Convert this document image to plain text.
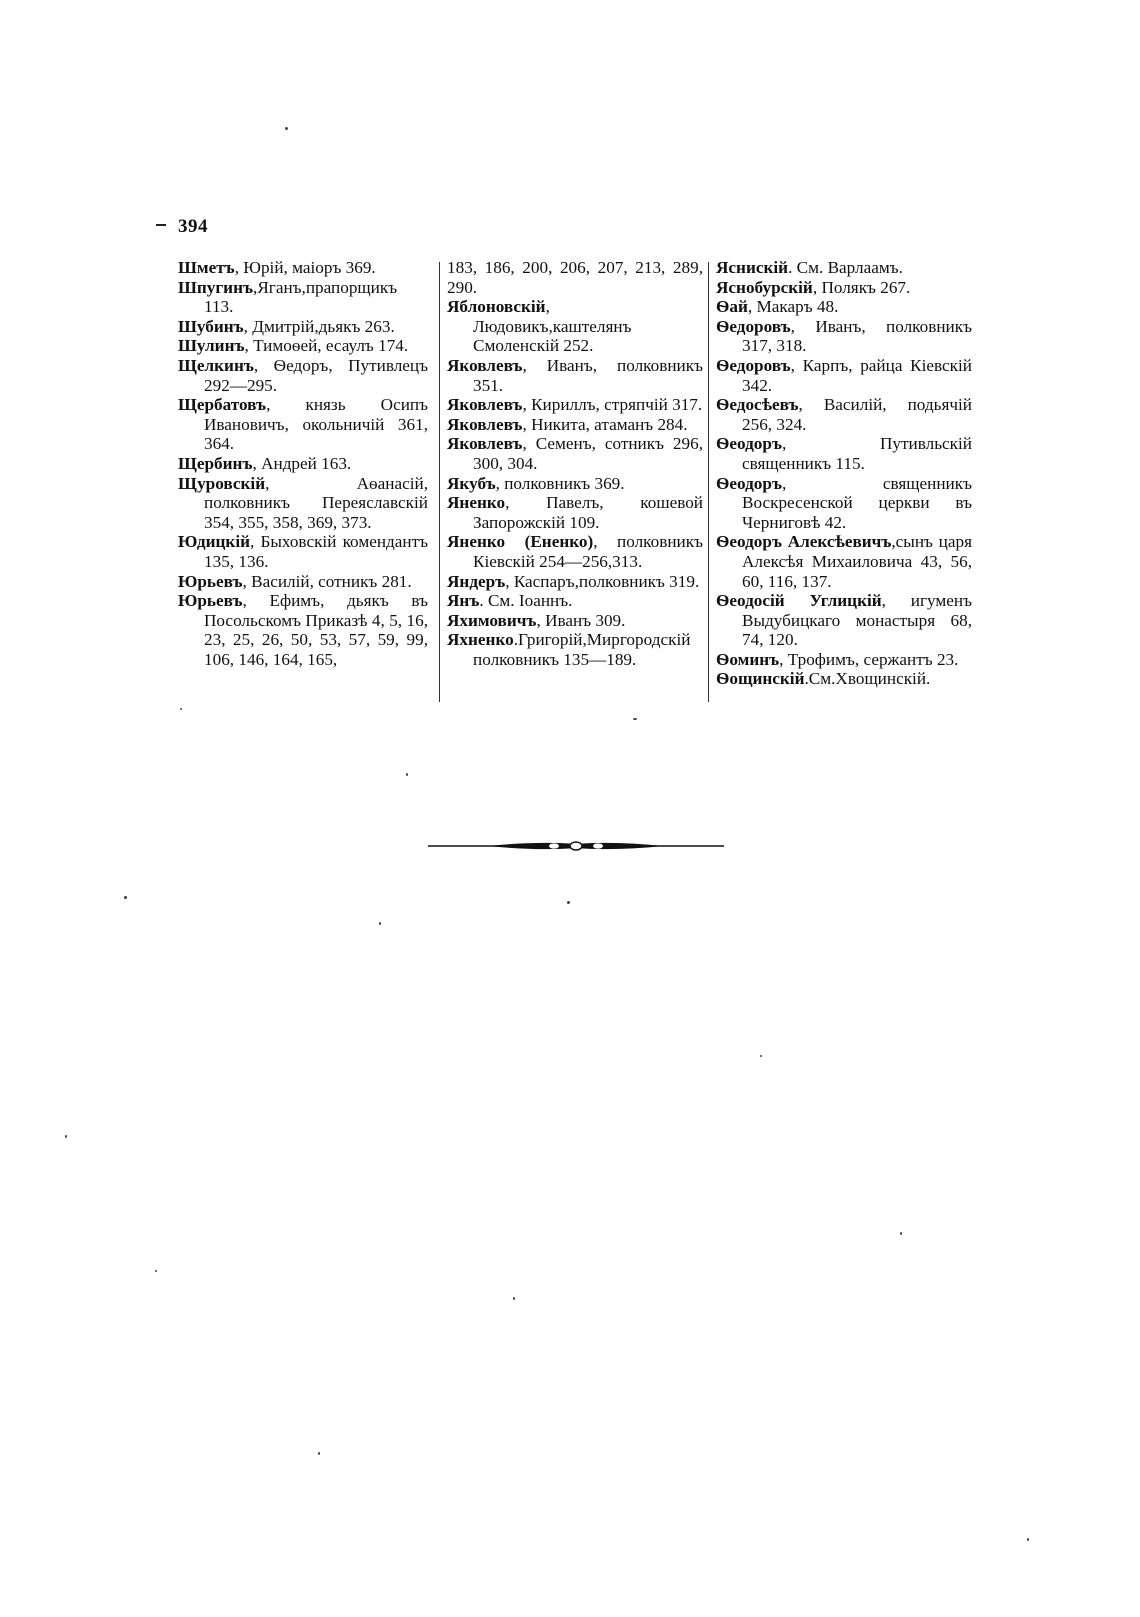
394

Шметъ, Юрій, маіоръ 369.

Шпугинъ,Яганъ,прапорщикъ 113.

Шубинъ, Дмитрій,дьякъ 263.

Шулинъ, Тимоѳей, есаулъ 174.

Щелкинъ, Ѳедоръ, Путивлецъ 292—295.

Щербатовъ, князь Осипъ Ивановичъ, окольничій 361, 364.

Щербинъ, Андрей 163.

Щуровскій, Аѳанасій, полковникъ Переяславскій 354, 355, 358, 369, 373.

Юдицкій, Быховскій комендантъ 135, 136.

Юрьевъ, Василій, сотникъ 281.

Юрьевъ, Ефимъ, дьякъ въ Посольскомъ Приказѣ 4, 5, 16, 23, 25, 26, 50, 53, 57, 59, 99, 106, 146, 164, 165,

183, 186, 200, 206, 207, 213, 289, 290.

Яблоновскій, Людовикъ,каштелянъ Смоленскій 252.

Яковлевъ, Иванъ, полковникъ 351.

Яковлевъ, Кириллъ, стряпчій 317.

Яковлевъ, Никита, атаманъ 284.

Яковлевъ, Семенъ, сотникъ 296, 300, 304.

Якубъ, полковникъ 369.

Яненко, Павелъ, кошевой Запорожскій 109.

Яненко (Ененко), полковникъ Кіевскій 254—256,313.

Яндеръ, Каспаръ,полковникъ 319.

Янъ. См. Іоаннъ.

Яхимовичъ, Иванъ 309.

Яхненко.Григорій,Миргородскій полковникъ 135—189.

Яснискій. См. Варлаамъ.

Яснобурскій, Полякъ 267.

Ѳай, Макаръ 48.

Ѳедоровъ, Иванъ, полковникъ 317, 318.

Ѳедоровъ, Карпъ, райца Кіевскій 342.

Ѳедосѣевъ, Василій, подьячій 256, 324.

Ѳеодоръ, Путивльскій священникъ 115.

Ѳеодоръ, священникъ Воскресенской церкви въ Черниговѣ 42.

Ѳеодоръ Алексѣевичъ,сынъ царя Алексѣя Михаиловича 43, 56, 60, 116, 137.

Ѳеодосій Углицкій, игуменъ Выдубицкаго монастыря 68, 74, 120.

Ѳоминъ, Трофимъ, сержантъ 23.

Ѳощинскій.См.Хвощинскій.
